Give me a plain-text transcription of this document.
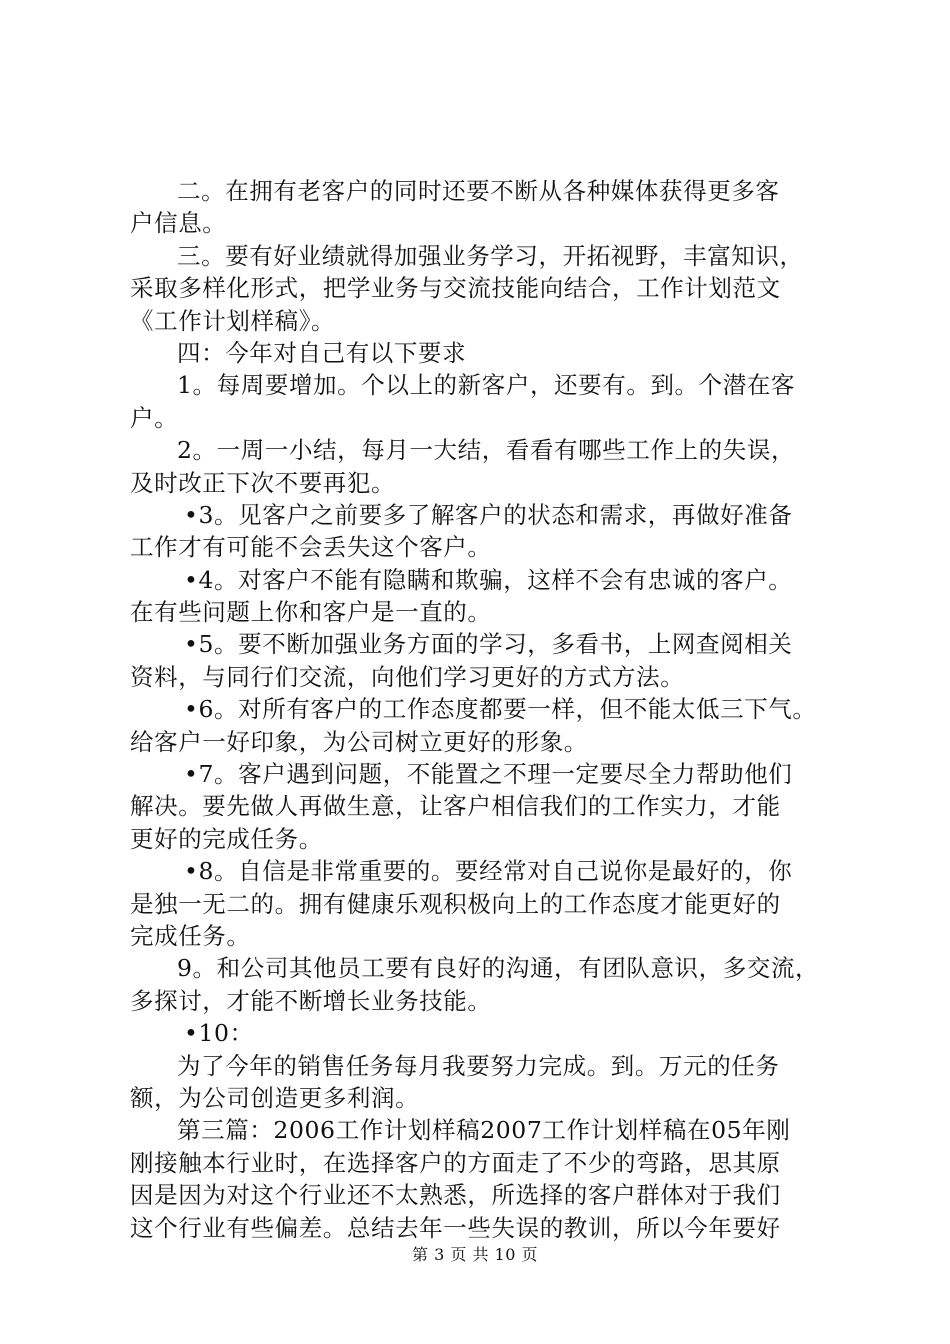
二。在拥有老客户的同时还要不断从各种媒体获得更多客
户信息。
三。要有好业绩就得加强业务学习，开拓视野，丰富知识，
采取多样化形式，把学业务与交流技能向结合，工作计划范文
《工作计划样稿》。
四：今年对自己有以下要求
1。每周要增加。个以上的新客户，还要有。到。个潜在客
户。
2。一周一小结，每月一大结，看看有哪些工作上的失误，
及时改正下次不要再犯。
•3。见客户之前要多了解客户的状态和需求，再做好准备
工作才有可能不会丢失这个客户。
•4。对客户不能有隐瞒和欺骗，这样不会有忠诚的客户。
在有些问题上你和客户是一直的。
•5。要不断加强业务方面的学习，多看书，上网查阅相关
资料，与同行们交流，向他们学习更好的方式方法。
•6。对所有客户的工作态度都要一样，但不能太低三下气。
给客户一好印象，为公司树立更好的形象。
•7。客户遇到问题，不能置之不理一定要尽全力帮助他们
解决。要先做人再做生意，让客户相信我们的工作实力，才能
更好的完成任务。
•8。自信是非常重要的。要经常对自己说你是最好的，你
是独一无二的。拥有健康乐观积极向上的工作态度才能更好的
完成任务。
9。和公司其他员工要有良好的沟通，有团队意识，多交流，
多探讨，才能不断增长业务技能。
•10：
为了今年的销售任务每月我要努力完成。到。万元的任务
额，为公司创造更多利润。
第三篇：2006工作计划样稿2007工作计划样稿在05年刚
刚接触本行业时，在选择客户的方面走了不少的弯路，思其原
因是因为对这个行业还不太熟悉，所选择的客户群体对于我们
这个行业有些偏差。总结去年一些失误的教训，所以今年要好
第 3 页 共 10 页
